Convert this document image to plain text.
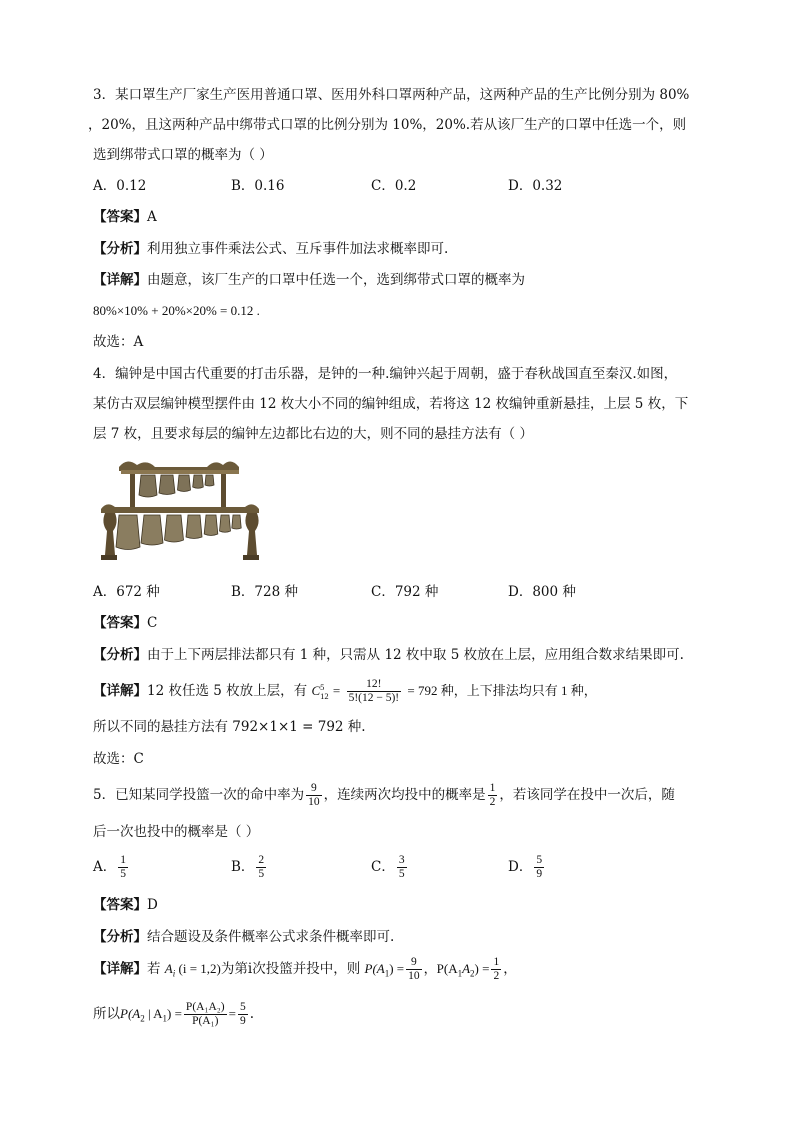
3．某口罩生产厂家生产医用普通口罩、医用外科口罩两种产品，这两种产品的生产比例分别为 80%
，20%，且这两种产品中绑带式口罩的比例分别为 10%，20%.若从该厂生产的口罩中任选一个，则
选到绑带式口罩的概率为（ ）
A．0.12	B．0.16	C．0.2	D．0.32
【答案】A
【分析】利用独立事件乘法公式、互斥事件加法求概率即可.
【详解】由题意，该厂生产的口罩中任选一个，选到绑带式口罩的概率为
80%×10% + 20%×20% = 0.12 .
故选：A
4．编钟是中国古代重要的打击乐器，是钟的一种.编钟兴起于周朝，盛于春秋战国直至秦汉.如图，
某仿古双层编钟模型摆件由 12 枚大小不同的编钟组成，若将这 12 枚编钟重新悬挂，上层 5 枚，下
层 7 枚，且要求每层的编钟左边都比右边的大，则不同的悬挂方法有（ ）
A．672 种	B．728 种	C．792 种	D．800 种
【答案】C
【分析】由于上下两层排法都只有 1 种，只需从 12 枚中取 5 枚放在上层，应用组合数求结果即可.
【详解】12 枚任选 5 枚放上层，有 C 5
$12 = \frac{12!}{5!(12 - 5)!} = 792$ 种，上下排法均只有 1 种，
所以不同的悬挂方法有 792×1×1 = 792 种.
故选：C
5．已知某同学投篮一次的命中率为 $\frac{9}{10}$ ，连续两次均投中的概率是 $\frac{1}{2}$ ，若该同学在投中一次后，随
后一次也投中的概率是（ ）
A． $\frac{1}{5}$	B． $\frac{2}{5}$	C． $\frac{3}{5}$	D． $\frac{5}{9}$
【答案】D
【分析】结合题设及条件概率公式求条件概率即可.
【详解】若 $A_i$ (i = 1,2)为第i次投篮并投中，则 $P(A_1) = \frac{9}{10}$ ，$P(A_1A_2) = \frac{1}{2}$ ，
所以$P(A_2$ | $A_1) = \frac{\text{P(A₁A₂)}}{\text{P(A₁)}} = \frac{5}{9}$ .
